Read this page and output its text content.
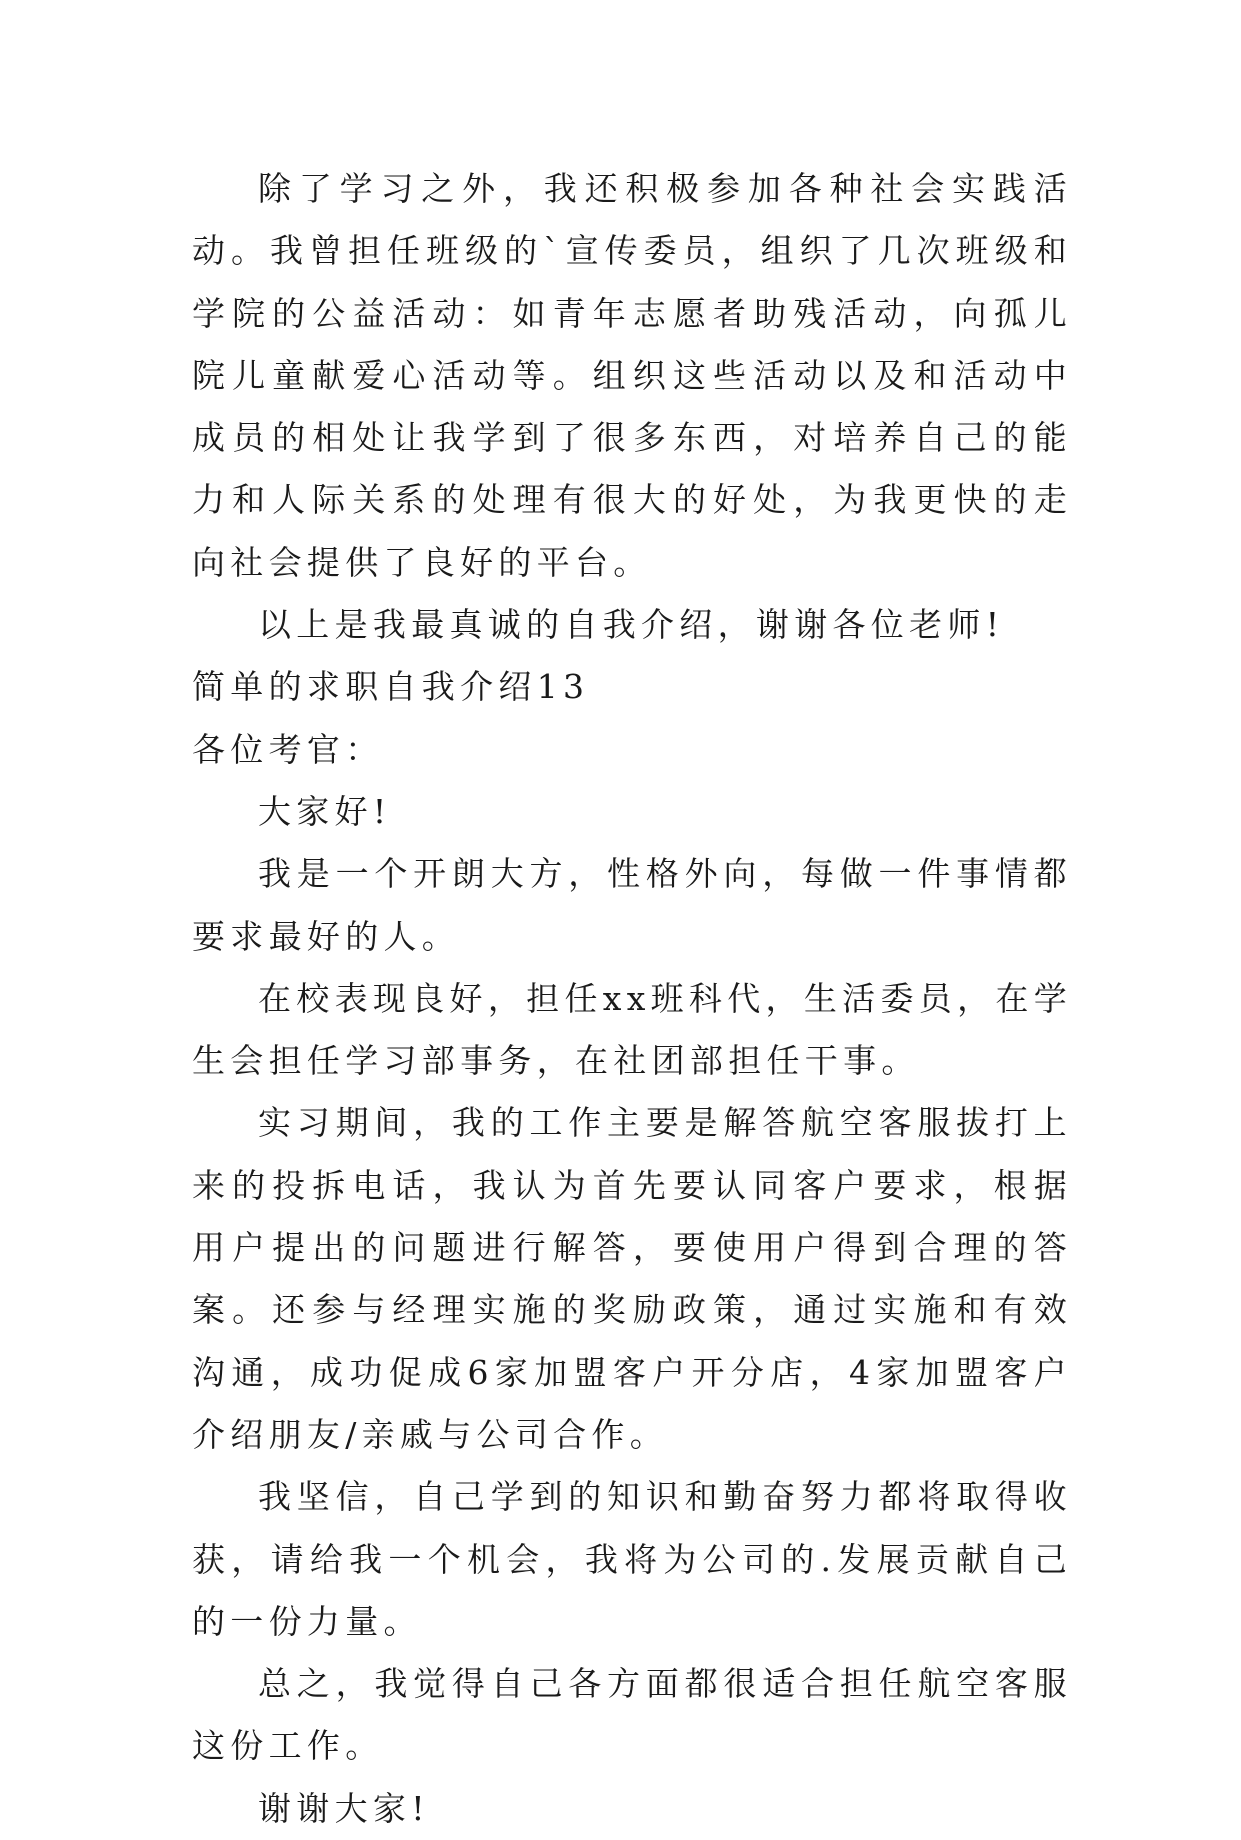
除了学习之外，我还积极参加各种社会实践活动。我曾担任班级的`宣传委员，组织了几次班级和学院的公益活动：如青年志愿者助残活动，向孤儿院儿童献爱心活动等。组织这些活动以及和活动中成员的相处让我学到了很多东西，对培养自己的能力和人际关系的处理有很大的好处，为我更快的走向社会提供了良好的平台。

以上是我最真诚的自我介绍，谢谢各位老师!

简单的求职自我介绍13

各位考官：

大家好!

我是一个开朗大方，性格外向，每做一件事情都要求最好的人。

在校表现良好，担任xx班科代，生活委员，在学生会担任学习部事务，在社团部担任干事。

实习期间，我的工作主要是解答航空客服拔打上来的投拆电话，我认为首先要认同客户要求，根据用户提出的问题进行解答，要使用户得到合理的答案。还参与经理实施的奖励政策，通过实施和有效沟通，成功促成6家加盟客户开分店，4家加盟客户介绍朋友/亲戚与公司合作。

我坚信，自己学到的知识和勤奋努力都将取得收获，请给我一个机会，我将为公司的.发展贡献自己的一份力量。

总之，我觉得自己各方面都很适合担任航空客服这份工作。

谢谢大家!
